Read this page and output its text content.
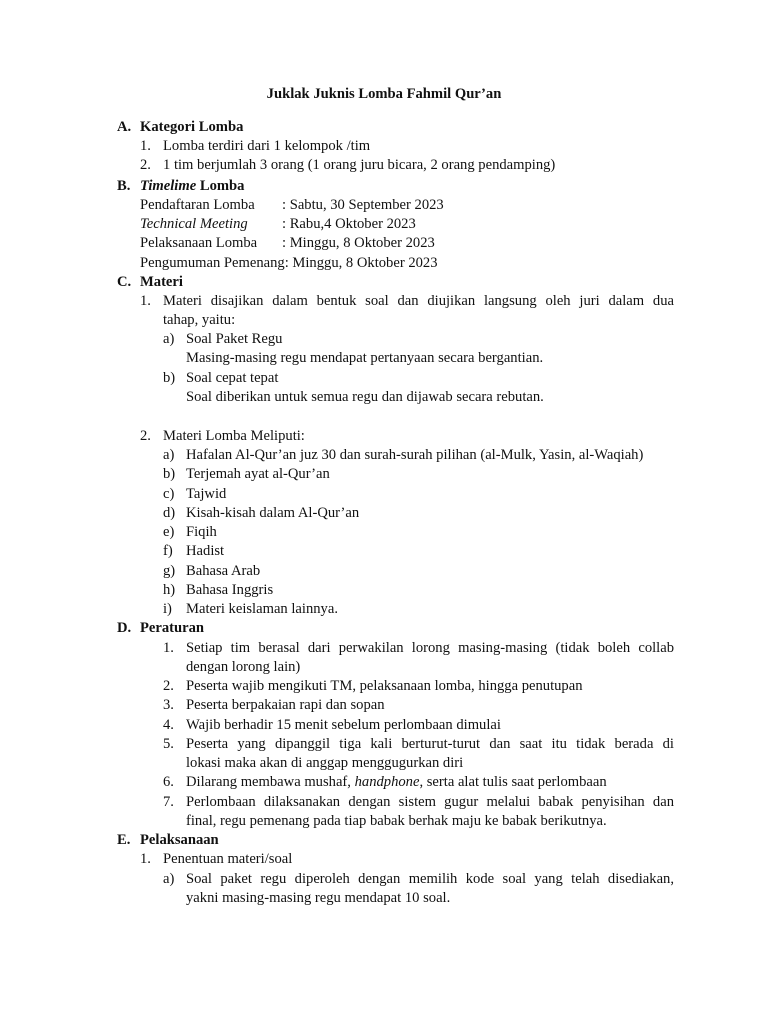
Juklak Juknis Lomba Fahmil Qur’an
A. Kategori Lomba
1. Lomba terdiri dari 1 kelompok /tim
2. 1 tim berjumlah 3 orang (1 orang juru bicara, 2 orang pendamping)
B. Timelime Lomba
Pendaftaran Lomba : Sabtu, 30 September 2023
Technical Meeting : Rabu,4 Oktober 2023
Pelaksanaan Lomba : Minggu, 8 Oktober 2023
Pengumuman Pemenang: Minggu, 8 Oktober 2023
C. Materi
1. Materi disajikan dalam bentuk soal dan diujikan langsung oleh juri dalam dua
tahap, yaitu:
a) Soal Paket Regu
Masing-masing regu mendapat pertanyaan secara bergantian.
b) Soal cepat tepat
Soal diberikan untuk semua regu dan dijawab secara rebutan.
2. Materi Lomba Meliputi:
a) Hafalan Al-Qur’an juz 30 dan surah-surah pilihan (al-Mulk, Yasin, al-Waqiah)
b) Terjemah ayat al-Qur’an
c) Tajwid
d) Kisah-kisah dalam Al-Qur’an
e) Fiqih
f) Hadist
g) Bahasa Arab
h) Bahasa Inggris
i) Materi keislaman lainnya.
D. Peraturan
1. Setiap tim berasal dari perwakilan lorong masing-masing (tidak boleh collab
dengan lorong lain)
2. Peserta wajib mengikuti TM, pelaksanaan lomba, hingga penutupan
3. Peserta berpakaian rapi dan sopan
4. Wajib berhadir 15 menit sebelum perlombaan dimulai
5. Peserta yang dipanggil tiga kali berturut-turut dan saat itu tidak berada di
lokasi maka akan di anggap menggugurkan diri
6. Dilarang membawa mushaf, handphone, serta alat tulis saat perlombaan
7. Perlombaan dilaksanakan dengan sistem gugur melalui babak penyisihan dan
final, regu pemenang pada tiap babak berhak maju ke babak berikutnya.
E. Pelaksanaan
1. Penentuan materi/soal
a) Soal paket regu diperoleh dengan memilih kode soal yang telah disediakan,
yakni masing-masing regu mendapat 10 soal.
